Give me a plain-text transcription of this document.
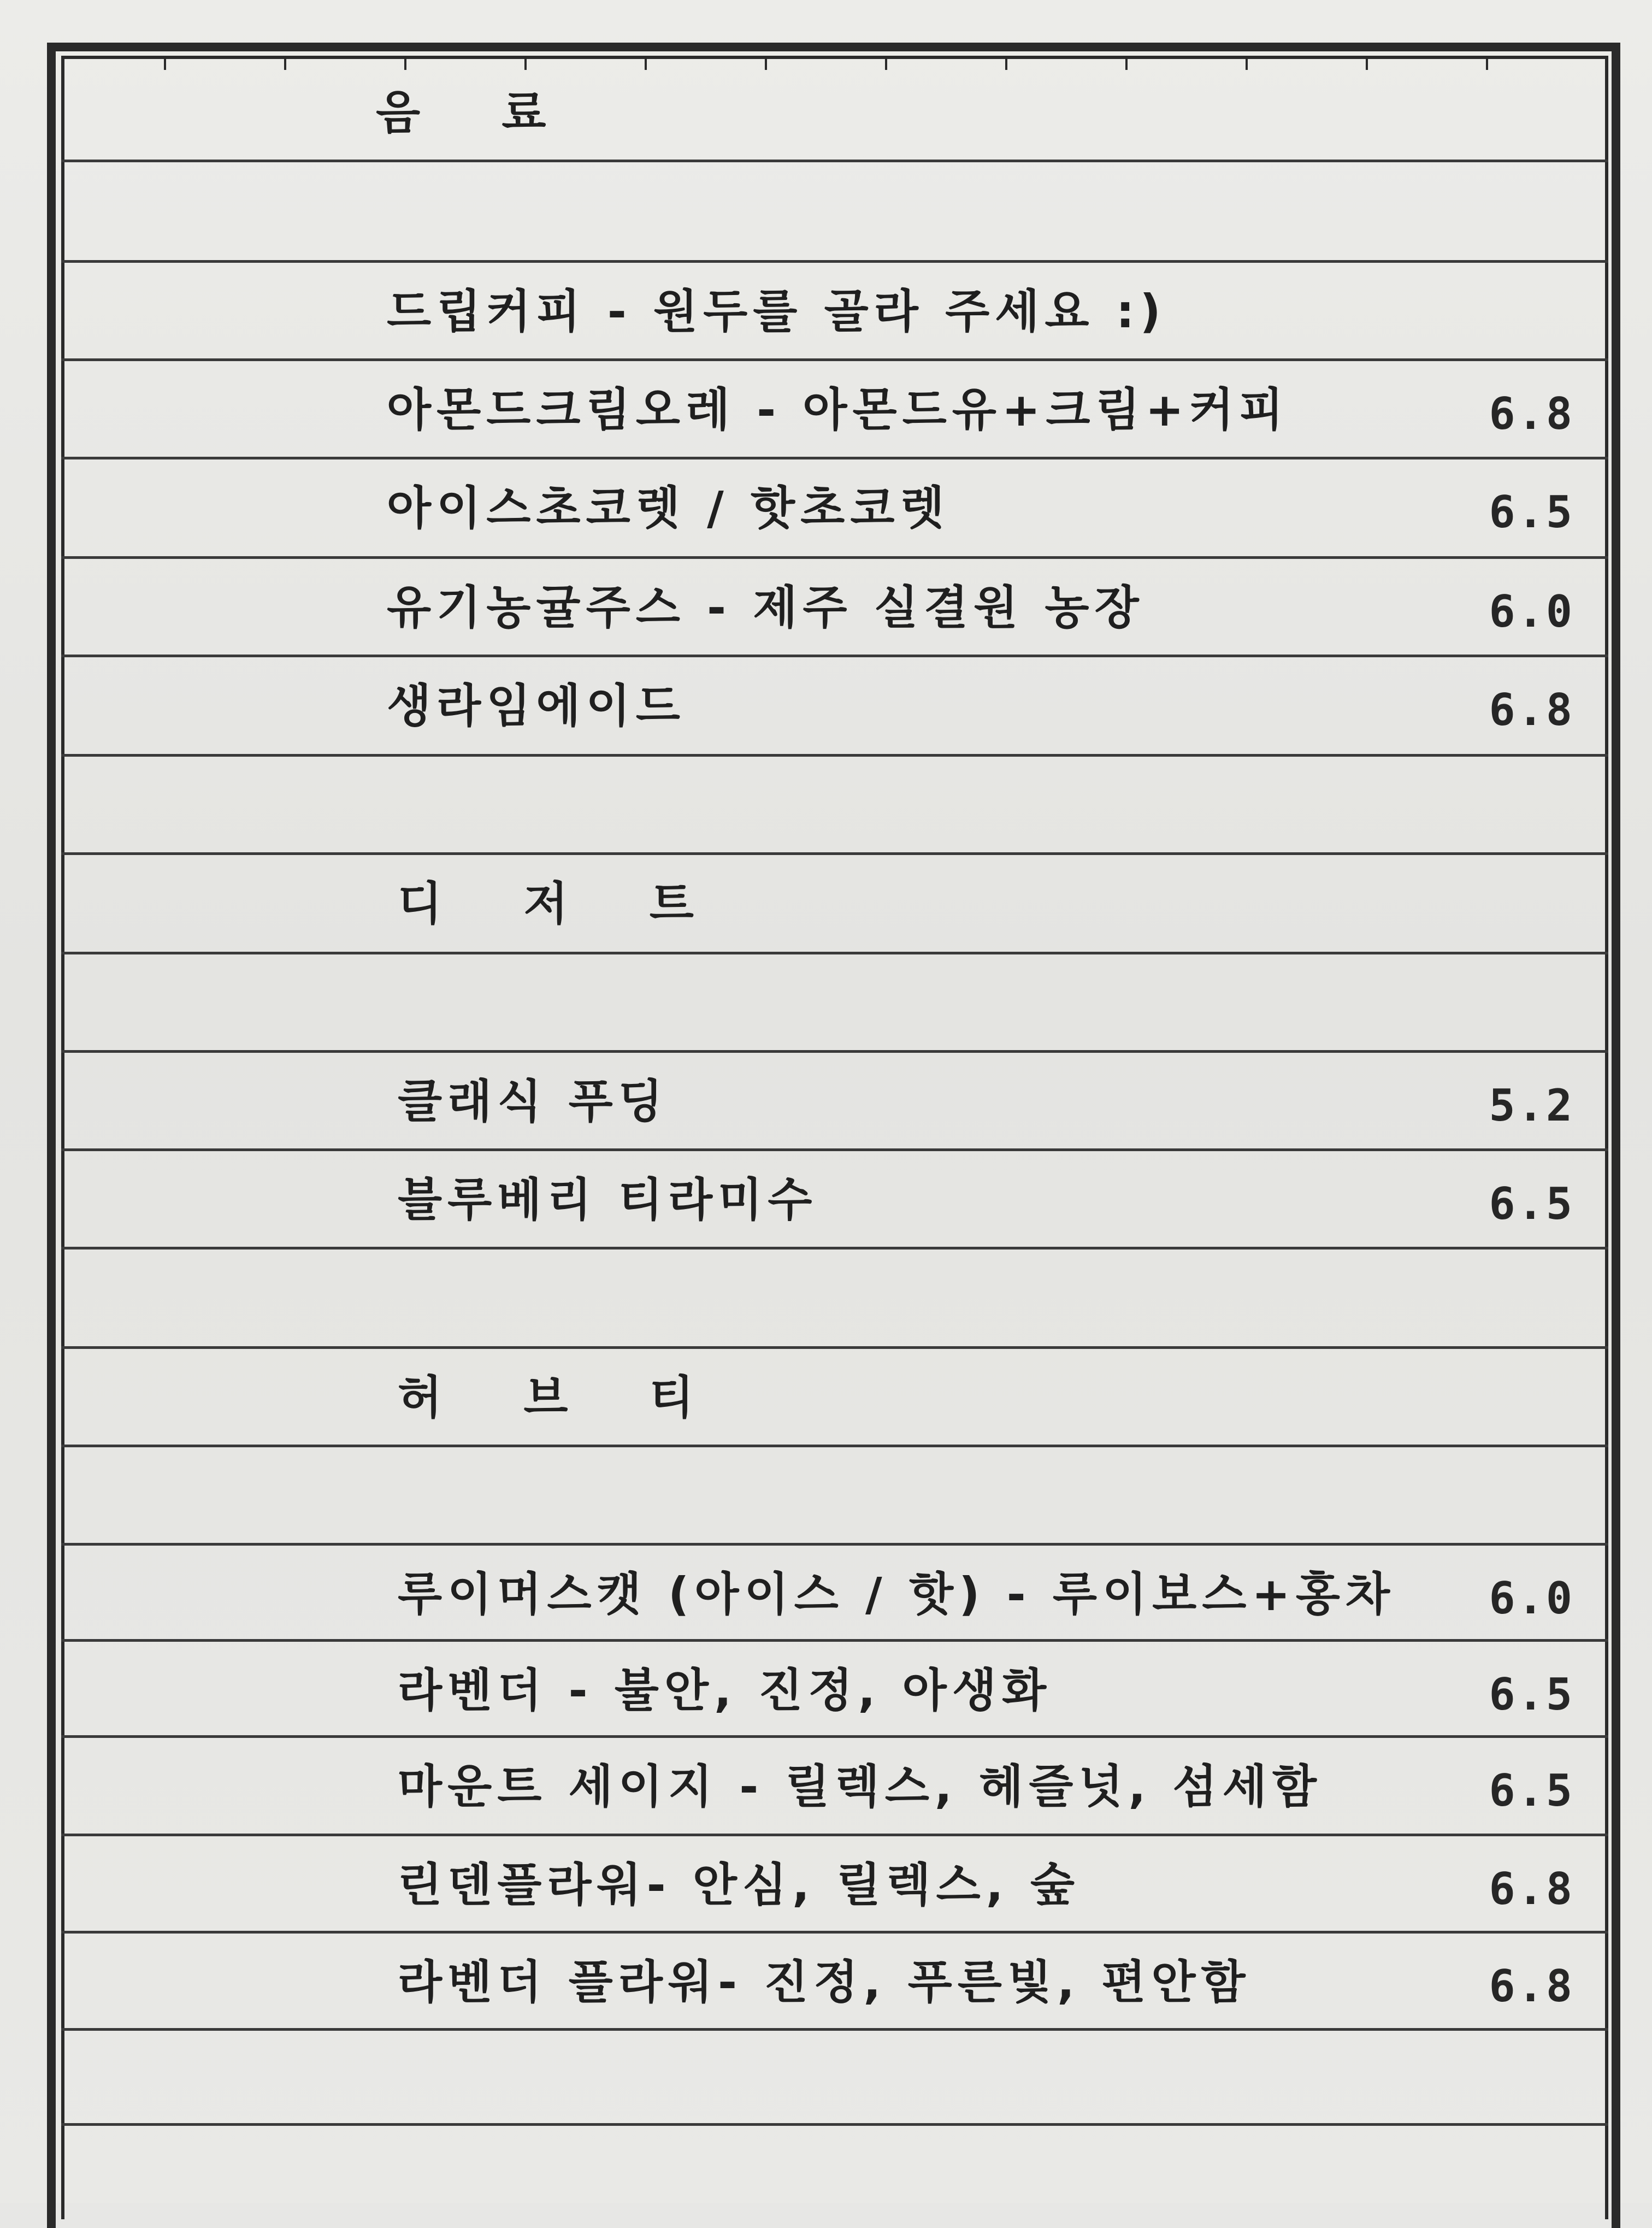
음 료
드립커피 - 원두를 골라 주세요 :)
아몬드크림오레 - 아몬드유+크림+커피	6.8
아이스초코렛 / 핫초코렛	6.5
유기농귤주스 - 제주 실결원 농장	6.0
생라임에이드	6.8
디 저 트
클래식 푸딩	5.2
블루베리 티라미수	6.5
허 브 티
루이머스캣 (아이스 / 핫) - 루이보스+홍차 6.0
라벤더 - 불안, 진정, 아생화	6.5
마운트 세이지 - 릴렉스, 헤즐넛, 섬세함	6.5
린덴플라워- 안심, 릴렉스, 숲	6.8
라벤더 플라워- 진정, 푸른빛, 편안함	6.8
